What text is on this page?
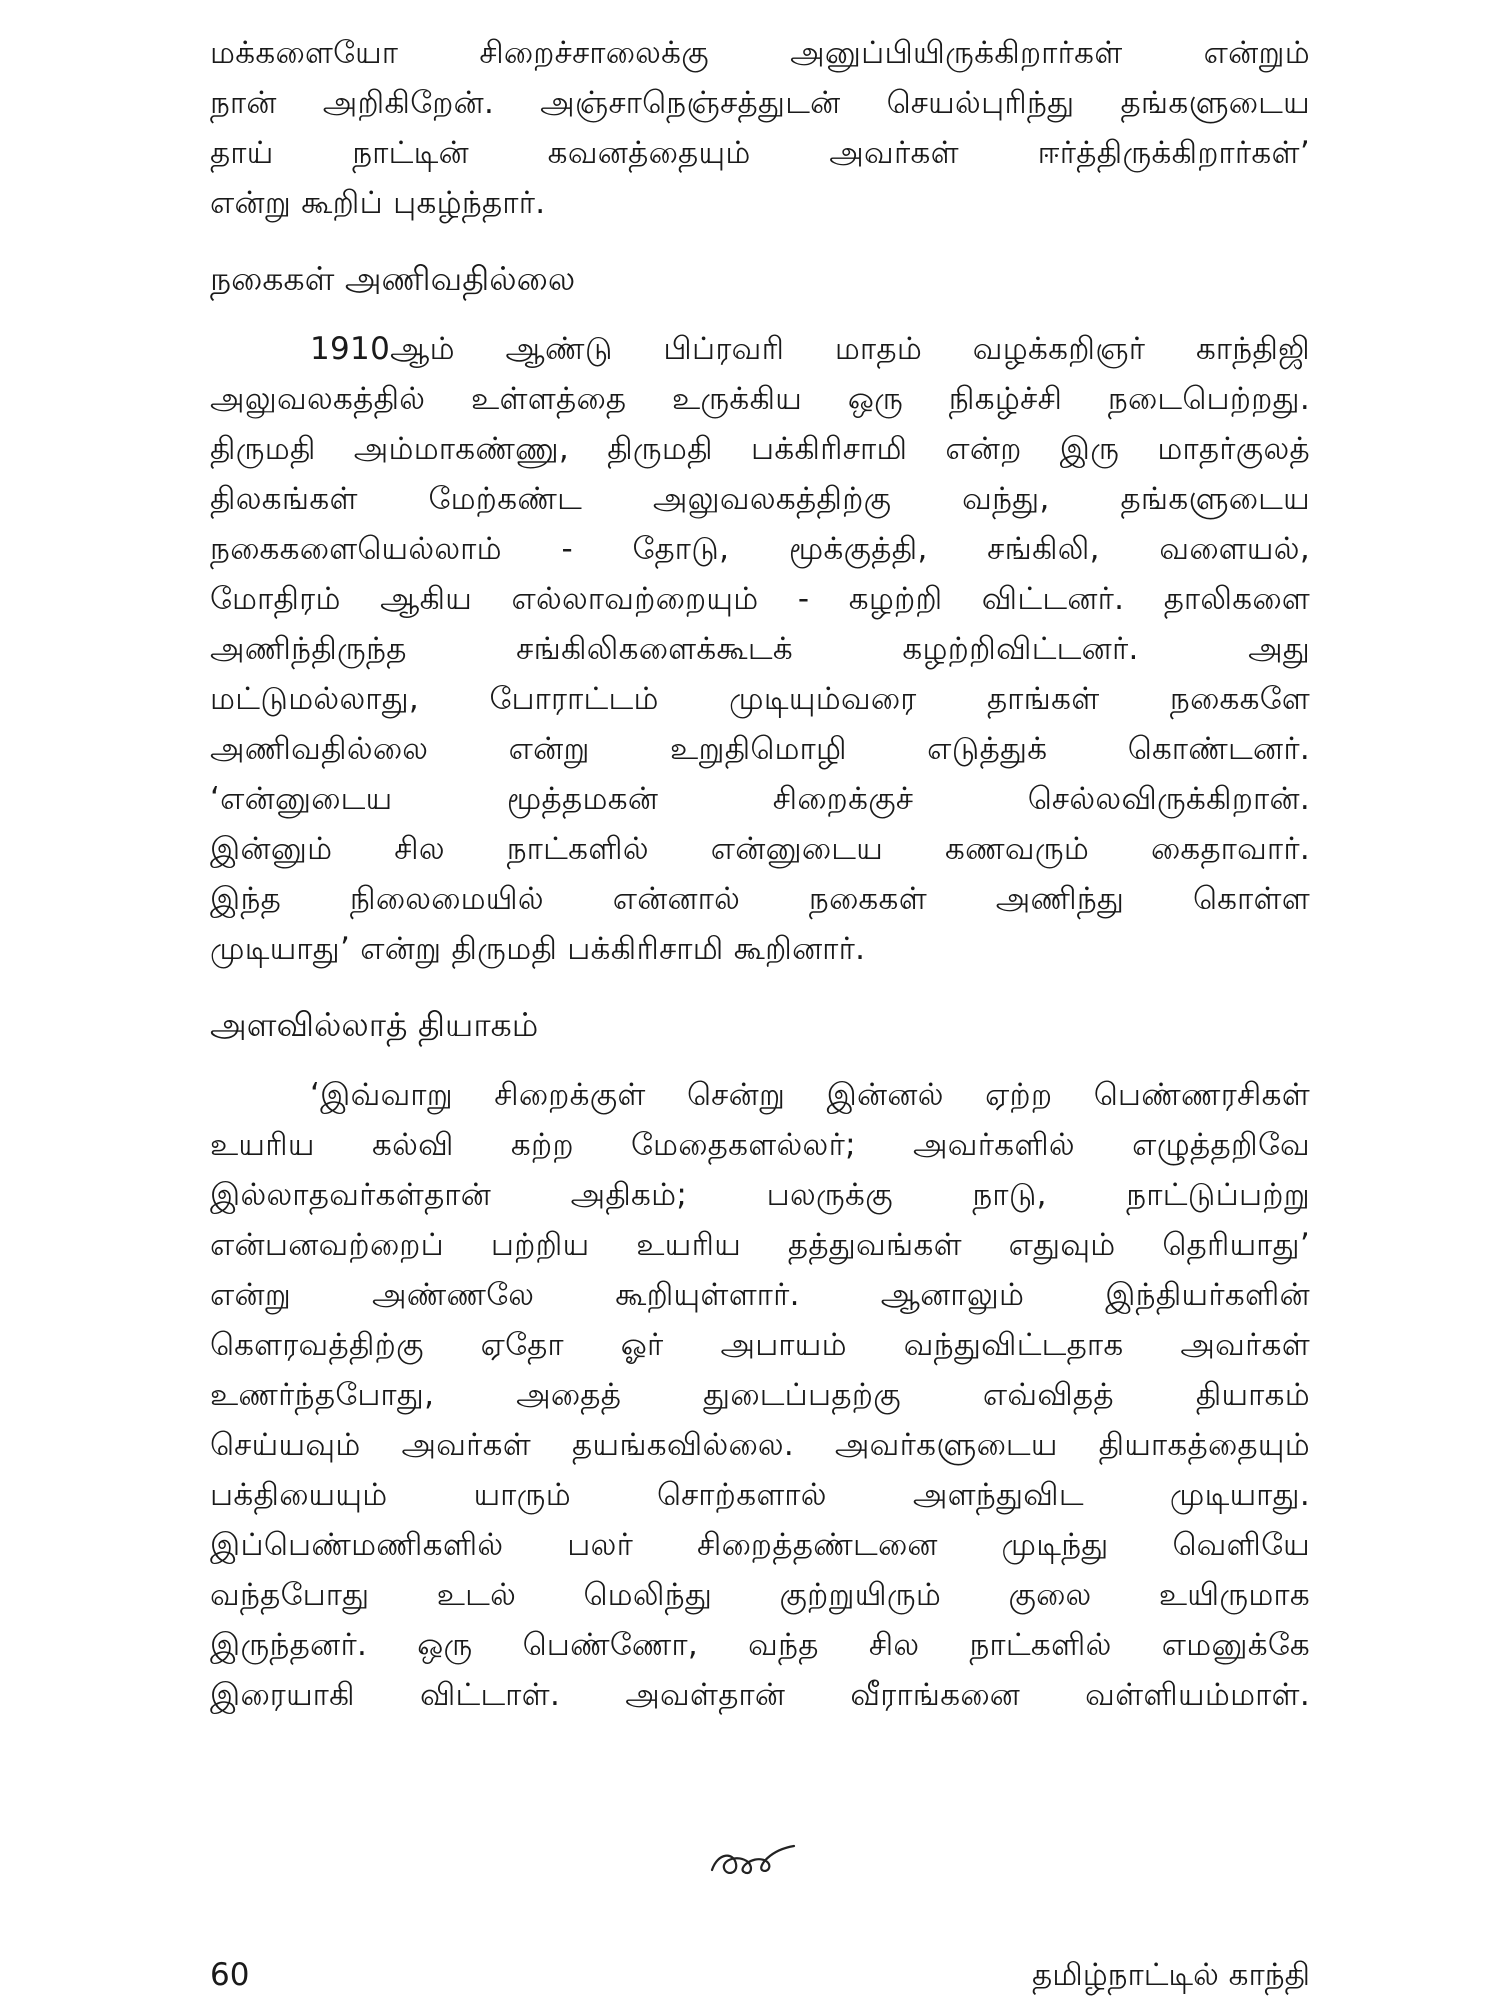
மக்களையோ சிறைச்சாலைக்கு அனுப்பியிருக்கிறார்கள் என்றும்
நான் அறிகிறேன். அஞ்சாநெஞ்சத்துடன் செயல்புரிந்து தங்களுடைய
தாய் நாட்டின் கவனத்தையும் அவர்கள் ஈர்த்திருக்கிறார்கள்’
என்று கூறிப் புகழ்ந்தார்.

நகைகள் அணிவதில்லை

1910ஆம் ஆண்டு பிப்ரவரி மாதம் வழக்கறிஞர் காந்திஜி
அலுவலகத்தில் உள்ளத்தை உருக்கிய ஒரு நிகழ்ச்சி நடைபெற்றது.
திருமதி அம்மாகண்ணு, திருமதி பக்கிரிசாமி என்ற இரு மாதர்குலத்
திலகங்கள் மேற்கண்ட அலுவலகத்திற்கு வந்து, தங்களுடைய
நகைகளையெல்லாம் - தோடு, மூக்குத்தி, சங்கிலி, வளையல்,
மோதிரம் ஆகிய எல்லாவற்றையும் - கழற்றி விட்டனர். தாலிகளை
அணிந்திருந்த சங்கிலிகளைக்கூடக் கழற்றிவிட்டனர். அது
மட்டுமல்லாது, போராட்டம் முடியும்வரை தாங்கள் நகைகளே
அணிவதில்லை என்று உறுதிமொழி எடுத்துக் கொண்டனர்.
‘என்னுடைய மூத்தமகன் சிறைக்குச் செல்லவிருக்கிறான்.
இன்னும் சில நாட்களில் என்னுடைய கணவரும் கைதாவார்.
இந்த நிலைமையில் என்னால் நகைகள் அணிந்து கொள்ள
முடியாது’ என்று திருமதி பக்கிரிசாமி கூறினார்.

அளவில்லாத் தியாகம்

‘இவ்வாறு சிறைக்குள் சென்று இன்னல் ஏற்ற பெண்ணரசிகள்
உயரிய கல்வி கற்ற மேதைகளல்லர்; அவர்களில் எழுத்தறிவே
இல்லாதவர்கள்தான் அதிகம்; பலருக்கு நாடு, நாட்டுப்பற்று
என்பனவற்றைப் பற்றிய உயரிய தத்துவங்கள் எதுவும் தெரியாது’
என்று அண்ணலே கூறியுள்ளார். ஆனாலும் இந்தியர்களின்
கௌரவத்திற்கு ஏதோ ஓர் அபாயம் வந்துவிட்டதாக அவர்கள்
உணர்ந்தபோது, அதைத் துடைப்பதற்கு எவ்விதத் தியாகம்
செய்யவும் அவர்கள் தயங்கவில்லை. அவர்களுடைய தியாகத்தையும்
பக்தியையும் யாரும் சொற்களால் அளந்துவிட முடியாது.
இப்பெண்மணிகளில் பலர் சிறைத்தண்டனை முடிந்து வெளியே
வந்தபோது உடல் மெலிந்து குற்றுயிரும் குலை உயிருமாக
இருந்தனர். ஒரு பெண்ணோ, வந்த சில நாட்களில் எமனுக்கே
இரையாகி விட்டாள். அவள்தான் வீராங்கனை வள்ளியம்மாள்.

60	தமிழ்நாட்டில் காந்தி
